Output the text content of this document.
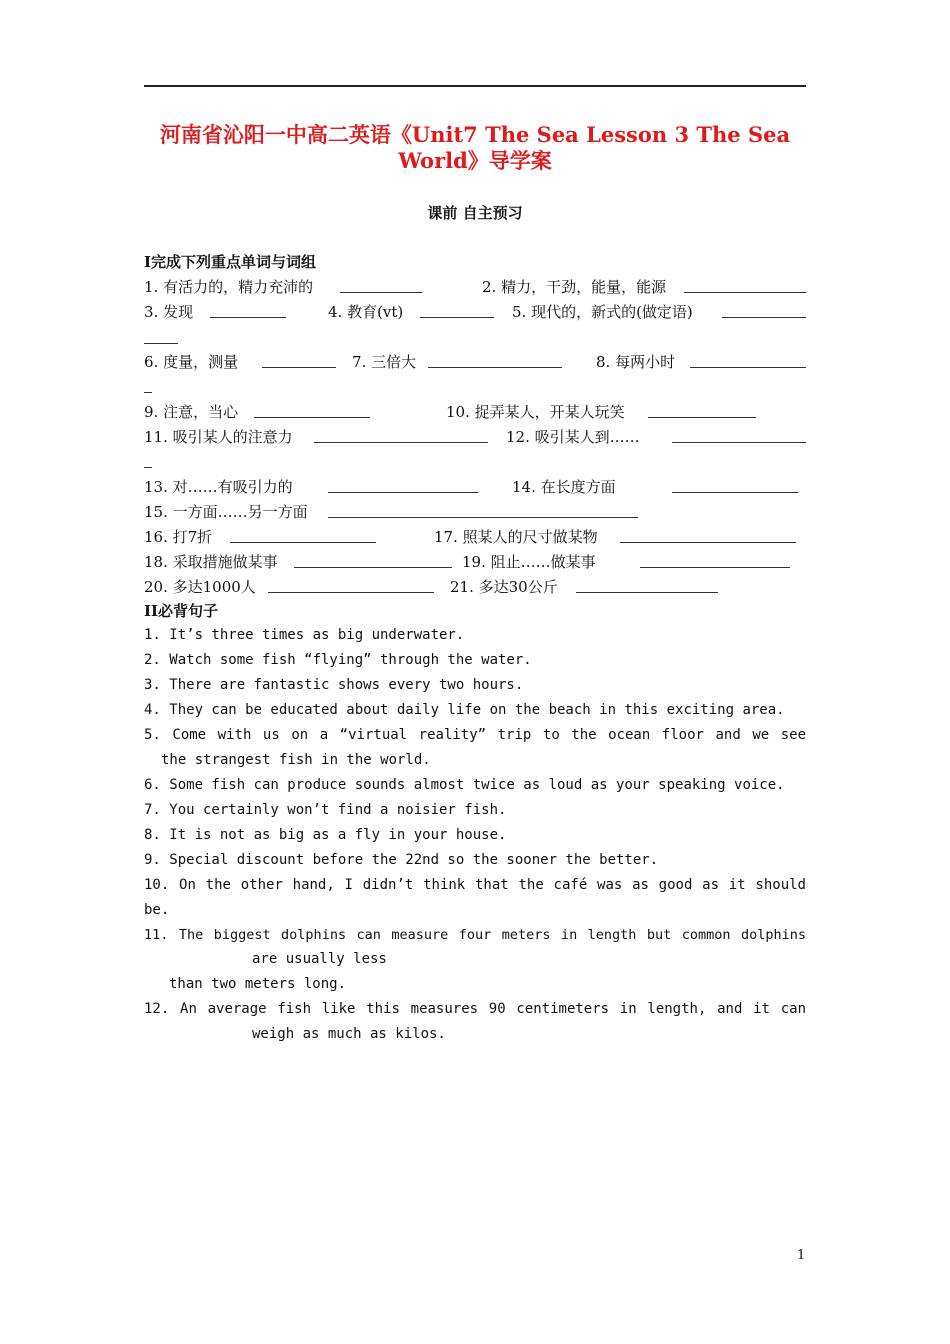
河南省沁阳一中高二英语《Unit7 The Sea Lesson 3 The Sea
World》导学案
课前 自主预习
I完成下列重点单词与词组
1. 有活力的，精力充沛的	2. 精力，干劲，能量，能源
3. 发现	4. 教育(vt)	5. 现代的，新式的(做定语)
6. 度量，测量	7. 三倍大	8. 每两小时
9. 注意，当心	10. 捉弄某人，开某人玩笑
11. 吸引某人的注意力	12. 吸引某人到……
13. 对……有吸引力的	14. 在长度方面
15. 一方面……另一方面
16. 打7折	17. 照某人的尺寸做某物
18. 采取措施做某事	19. 阻止……做某事
20. 多达1000人	21. 多达30公斤
II必背句子
1. It’s three times as big underwater.
2. Watch some fish “flying” through the water.
3. There are fantastic shows every two hours.
4. They can be educated about daily life on the beach in this exciting area.
5. Come with us on a “virtual reality” trip to the ocean floor and we see
the strangest fish in the world.
6. Some fish can produce sounds almost twice as loud as your speaking voice.
7. You certainly won’t find a noisier fish.
8. It is not as big as a fly in your house.
9. Special discount before the 22nd so the sooner the better.
10. On the other hand, I didn’t think that the café was as good as it should
be.
11. The biggest dolphins can measure four meters in length but common dolphins
are usually less
than two meters long.
12. An average fish like this measures 90 centimeters in length, and it can
weigh as much as kilos.
1
